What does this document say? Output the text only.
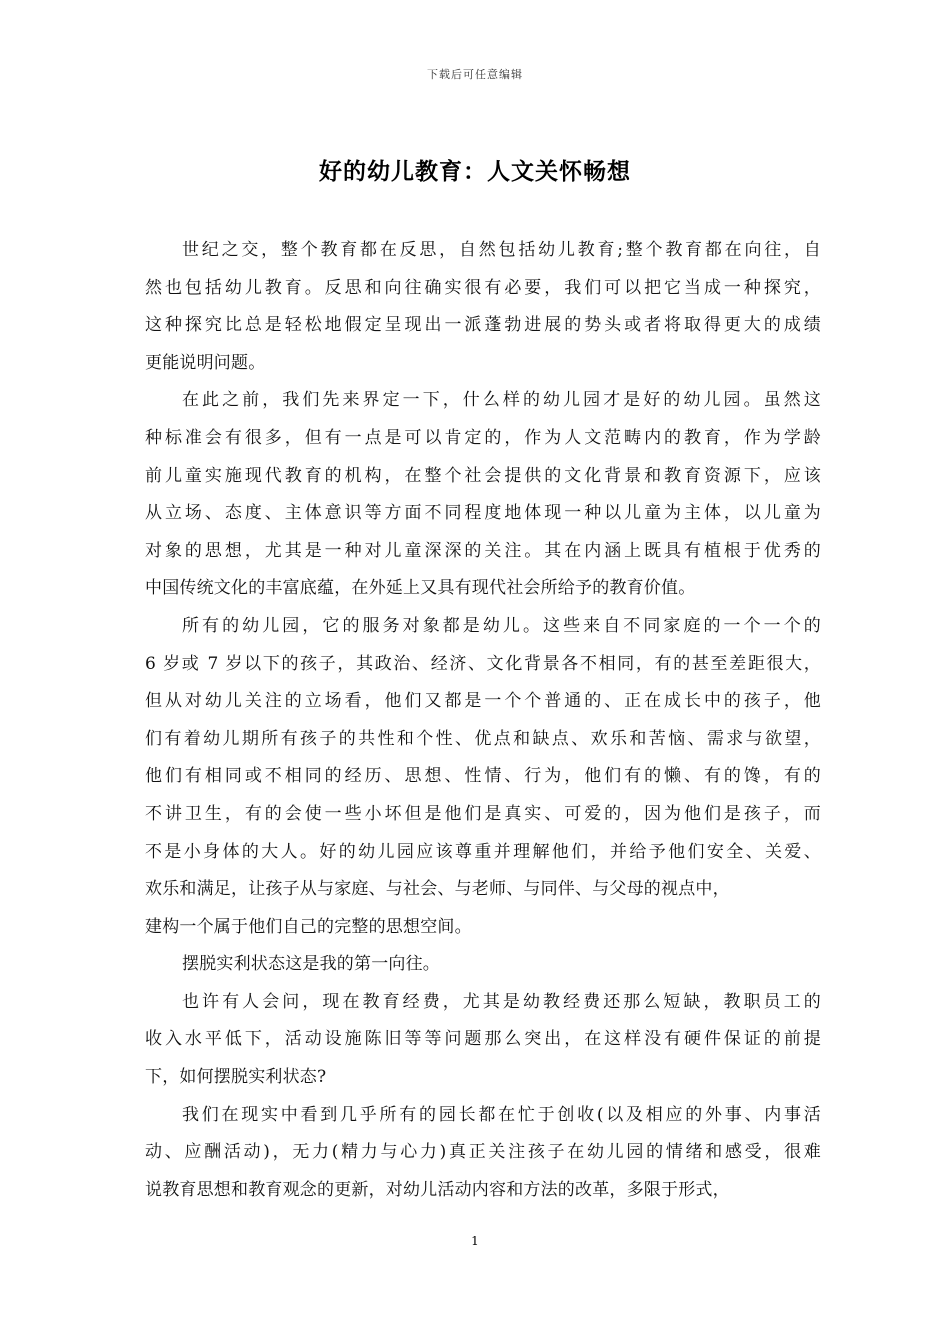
下载后可任意编辑
好的幼儿教育：人文关怀畅想
世纪之交，整个教育都在反思，自然包括幼儿教育;整个教育都在向往，自
然也包括幼儿教育。反思和向往确实很有必要，我们可以把它当成一种探究，
这种探究比总是轻松地假定呈现出一派蓬勃进展的势头或者将取得更大的成绩
更能说明问题。
在此之前，我们先来界定一下，什么样的幼儿园才是好的幼儿园。虽然这
种标准会有很多，但有一点是可以肯定的，作为人文范畴内的教育，作为学龄
前儿童实施现代教育的机构，在整个社会提供的文化背景和教育资源下，应该
从立场、态度、主体意识等方面不同程度地体现一种以儿童为主体，以儿童为
对象的思想，尤其是一种对儿童深深的关注。其在内涵上既具有植根于优秀的
中国传统文化的丰富底蕴，在外延上又具有现代社会所给予的教育价值。
所有的幼儿园，它的服务对象都是幼儿。这些来自不同家庭的一个一个的
6 岁或 7 岁以下的孩子，其政治、经济、文化背景各不相同，有的甚至差距很大，
但从对幼儿关注的立场看，他们又都是一个个普通的、正在成长中的孩子，他
们有着幼儿期所有孩子的共性和个性、优点和缺点、欢乐和苦恼、需求与欲望，
他们有相同或不相同的经历、思想、性情、行为，他们有的懒、有的馋，有的
不讲卫生，有的会使一些小坏但是他们是真实、可爱的，因为他们是孩子，而
不是小身体的大人。好的幼儿园应该尊重并理解他们，并给予他们安全、关爱、
欢乐和满足，让孩子从与家庭、与社会、与老师、与同伴、与父母的视点中，
建构一个属于他们自己的完整的思想空间。
摆脱实利状态这是我的第一向往。
也许有人会问，现在教育经费，尤其是幼教经费还那么短缺，教职员工的
收入水平低下，活动设施陈旧等等问题那么突出，在这样没有硬件保证的前提
下，如何摆脱实利状态?
我们在现实中看到几乎所有的园长都在忙于创收(以及相应的外事、内事活
动、应酬活动)，无力(精力与心力)真正关注孩子在幼儿园的情绪和感受，很难
说教育思想和教育观念的更新，对幼儿活动内容和方法的改革，多限于形式，
1
